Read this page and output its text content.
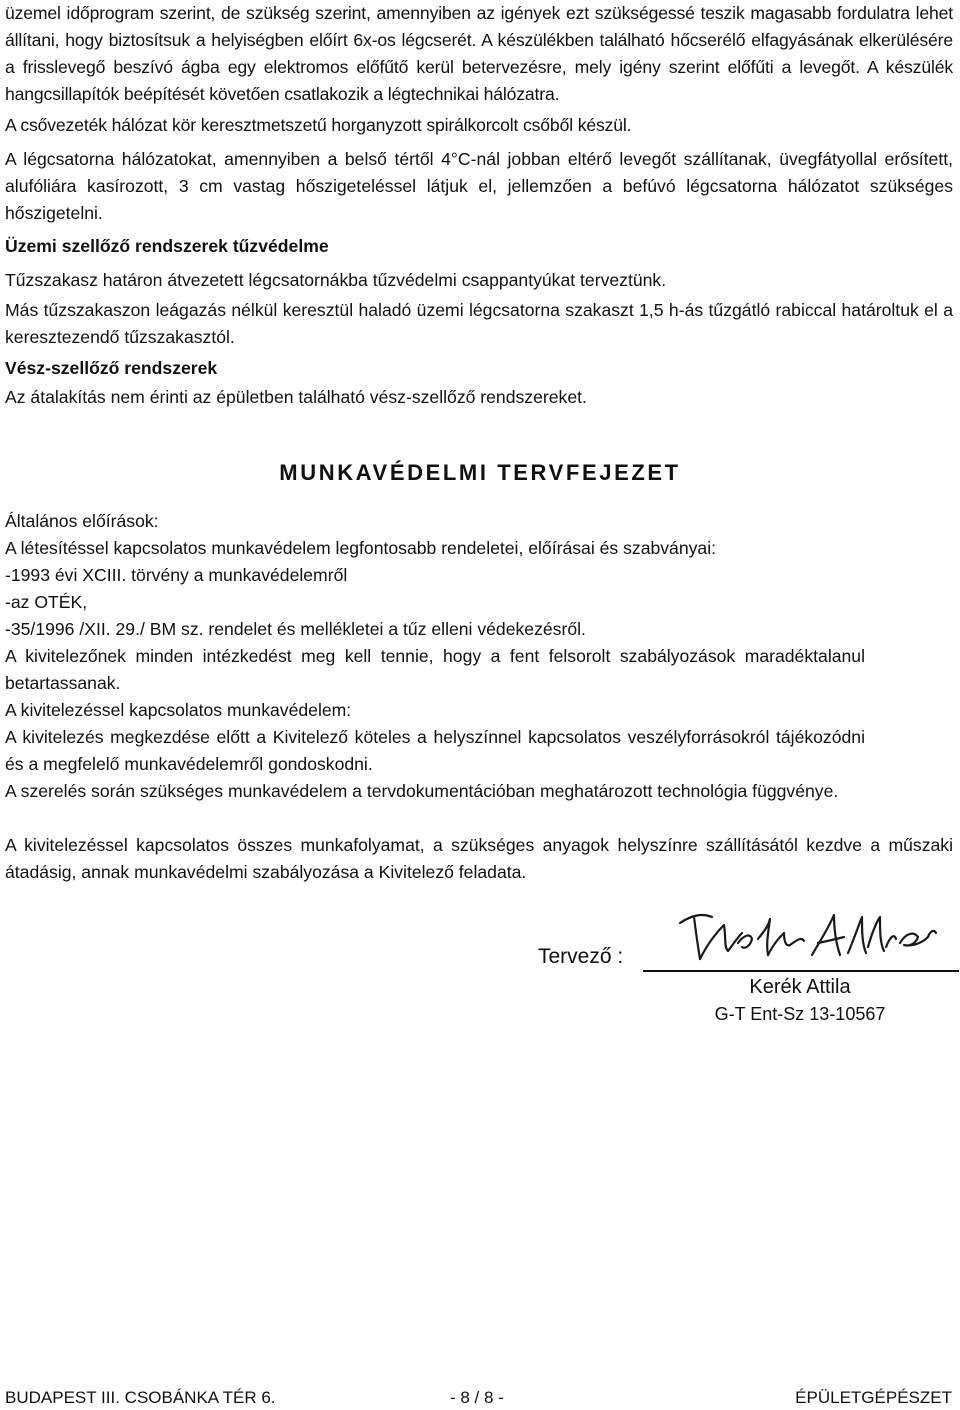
üzemel időprogram szerint, de szükség szerint, amennyiben az igények ezt szükségessé teszik magasabb fordulatra lehet állítani, hogy biztosítsuk a helyiségben előírt 6x-os légcserét. A készülékben található hőcserélő elfagyásának elkerülésére a frisslevegő beszívó ágba egy elektromos előfűtő kerül betervezésre, mely igény szerint előfűti a levegőt. A készülék hangcsillapítók beépítését követően csatlakozik a légtechnikai hálózatra.

A csővezeték hálózat kör keresztmetszetű horganyzott spirálkorcolt csőből készül.

A légcsatorna hálózatokat, amennyiben a belső tértől 4°C-nál jobban eltérő levegőt szállítanak, üvegfátyollal erősített, alufóliára kasírozott, 3 cm vastag hőszigeteléssel látjuk el, jellemzően a befúvó légcsatorna hálózatot szükséges hőszigetelni.

Üzemi szellőző rendszerek tűzvédelme

Tűzszakasz határon átvezetett légcsatornákba tűzvédelmi csappantyúkat terveztünk.

Más tűzszakaszon leágazás nélkül keresztül haladó üzemi légcsatorna szakaszt 1,5 h-ás tűzgátló rabiccal határoltuk el a keresztezendő tűzszakasztól.

Vész-szellőző rendszerek

Az átalakítás nem érinti az épületben található vész-szellőző rendszereket.

MUNKAVÉDELMI TERVFEJEZET

Általános előírások:

A létesítéssel kapcsolatos munkavédelem legfontosabb rendeletei, előírásai és szabványai:

-1993 évi XCIII. törvény a munkavédelemről

-az OTÉK,

-35/1996 /XII. 29./ BM sz. rendelet és mellékletei a tűz elleni védekezésről.

A kivitelezőnek minden intézkedést meg kell tennie, hogy a fent felsorolt szabályozások maradéktalanul betartassanak.

A kivitelezéssel kapcsolatos munkavédelem:

A kivitelezés megkezdése előtt a Kivitelező köteles a helyszínnel kapcsolatos veszélyforrásokról tájékozódni és a megfelelő munkavédelemről gondoskodni.

A szerelés során szükséges munkavédelem a tervdokumentációban meghatározott technológia függvénye.

A kivitelezéssel kapcsolatos összes munkafolyamat, a szükséges anyagok helyszínre szállításától kezdve a műszaki átadásig, annak munkavédelmi szabályozása a Kivitelező feladata.

Tervező :
Kerék Attila
G-T Ent-Sz 13-10567
BUDAPEST III. CSOBÁNKA TÉR 6.	- 8 / 8 -	ÉPÜLETGÉPÉSZET
